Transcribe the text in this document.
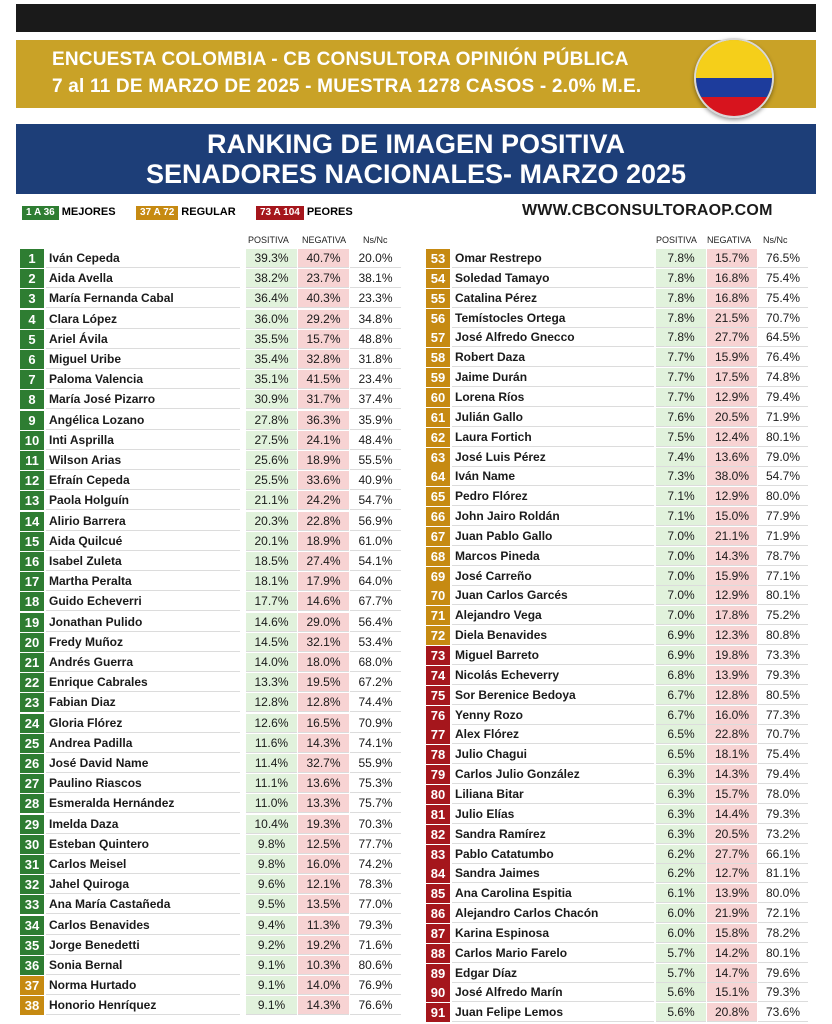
ENCUESTA COLOMBIA - CB CONSULTORA OPINIÓN PÚBLICA
7 al 11 DE MARZO DE 2025 - MUESTRA 1278 CASOS - 2.0% M.E.
RANKING DE IMAGEN POSITIVA
SENADORES NACIONALES- MARZO 2025
1 A 36 MEJORES	37 A 72 REGULAR	73 A 104 PEORES	WWW.CBCONSULTORAOP.COM
POSITIVA NEGATIVA Ns/Nc	POSITIVA NEGATIVA Ns/Nc
1	Iván Cepeda	39.3%	40.7%	20.0%
2	Aida Avella	38.2%	23.7%	38.1%
3	María Fernanda Cabal	36.4%	40.3%	23.3%
4	Clara López	36.0%	29.2%	34.8%
5	Ariel Ávila	35.5%	15.7%	48.8%
6	Miguel Uribe	35.4%	32.8%	31.8%
7	Paloma Valencia	35.1%	41.5%	23.4%
8	María José Pizarro	30.9%	31.7%	37.4%
9	Angélica Lozano	27.8%	36.3%	35.9%
10 Inti Asprilla	27.5%	24.1%	48.4%
11 Wilson Arias	25.6%	18.9%	55.5%
12 Efraín Cepeda	25.5%	33.6%	40.9%
13 Paola Holguín	21.1%	24.2%	54.7%
14 Alirio Barrera	20.3%	22.8%	56.9%
15 Aida Quilcué	20.1%	18.9%	61.0%
16 Isabel Zuleta	18.5%	27.4%	54.1%
17 Martha Peralta	18.1%	17.9%	64.0%
18 Guido Echeverri	17.7%	14.6%	67.7%
19 Jonathan Pulido	14.6%	29.0%	56.4%
20 Fredy Muñoz	14.5%	32.1%	53.4%
21 Andrés Guerra	14.0%	18.0%	68.0%
22 Enrique Cabrales	13.3%	19.5%	67.2%
23 Fabian Diaz	12.8%	12.8%	74.4%
24 Gloria Flórez	12.6%	16.5%	70.9%
25 Andrea Padilla	11.6%	14.3%	74.1%
26 José David Name	11.4%	32.7%	55.9%
27 Paulino Riascos	11.1%	13.6%	75.3%
28 Esmeralda Hernández	11.0%	13.3%	75.7%
29 Imelda Daza	10.4%	19.3%	70.3%
30 Esteban Quintero	9.8%	12.5%	77.7%
31 Carlos Meisel	9.8%	16.0%	74.2%
32 Jahel Quiroga	9.6%	12.1%	78.3%
33 Ana María Castañeda	9.5%	13.5%	77.0%
34 Carlos Benavides	9.4%	11.3%	79.3%
35 Jorge Benedetti	9.2%	19.2%	71.6%
36 Sonia Bernal	9.1%	10.3%	80.6%
37 Norma Hurtado	9.1%	14.0%	76.9%
38 Honorio Henríquez	9.1%	14.3%	76.6%
53 Omar Restrepo	7.8%	15.7%	76.5%
54 Soledad Tamayo	7.8%	16.8%	75.4%
55 Catalina Pérez	7.8%	16.8%	75.4%
56 Temístocles Ortega	7.8%	21.5%	70.7%
57 José Alfredo Gnecco	7.8%	27.7%	64.5%
58 Robert Daza	7.7%	15.9%	76.4%
59 Jaime Durán	7.7%	17.5%	74.8%
60 Lorena Ríos	7.7%	12.9%	79.4%
61 Julián Gallo	7.6%	20.5%	71.9%
62 Laura Fortich	7.5%	12.4%	80.1%
63 José Luis Pérez	7.4%	13.6%	79.0%
64 Iván Name	7.3%	38.0%	54.7%
65 Pedro Flórez	7.1%	12.9%	80.0%
66 John Jairo Roldán	7.1%	15.0%	77.9%
67 Juan Pablo Gallo	7.0%	21.1%	71.9%
68 Marcos Pineda	7.0%	14.3%	78.7%
69 José Carreño	7.0%	15.9%	77.1%
70 Juan Carlos Garcés	7.0%	12.9%	80.1%
71 Alejandro Vega	7.0%	17.8%	75.2%
72 Diela Benavides	6.9%	12.3%	80.8%
73 Miguel Barreto	6.9%	19.8%	73.3%
74 Nicolás Echeverry	6.8%	13.9%	79.3%
75 Sor Berenice Bedoya	6.7%	12.8%	80.5%
76 Yenny Rozo	6.7%	16.0%	77.3%
77 Alex Flórez	6.5%	22.8%	70.7%
78 Julio Chagui	6.5%	18.1%	75.4%
79 Carlos Julio González	6.3%	14.3%	79.4%
80 Liliana Bitar	6.3%	15.7%	78.0%
81 Julio Elías	6.3%	14.4%	79.3%
82 Sandra Ramírez	6.3%	20.5%	73.2%
83 Pablo Catatumbo	6.2%	27.7%	66.1%
84 Sandra Jaimes	6.2%	12.7%	81.1%
85 Ana Carolina Espitia	6.1%	13.9%	80.0%
86 Alejandro Carlos Chacón	6.0%	21.9%	72.1%
87 Karina Espinosa	6.0%	15.8%	78.2%
88 Carlos Mario Farelo	5.7%	14.2%	80.1%
89 Edgar Díaz	5.7%	14.7%	79.6%
90 José Alfredo Marín	5.6%	15.1%	79.3%
91 Juan Felipe Lemos	5.6%	20.8%	73.6%
